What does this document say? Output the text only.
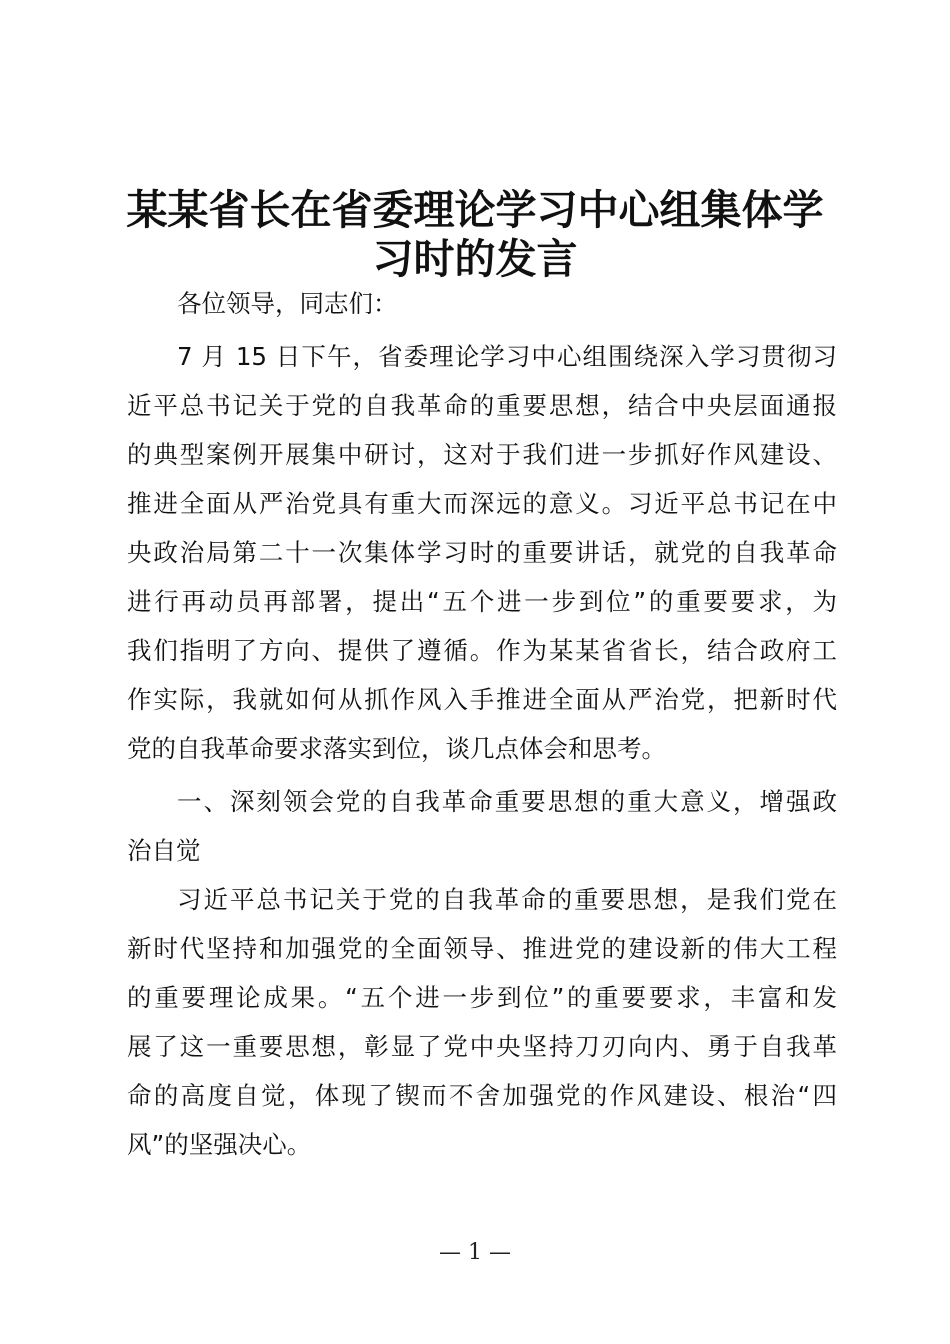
某某省长在省委理论学习中心组集体学
习时的发言
各位领导，同志们：
7 月 15 日下午，省委理论学习中心组围绕深入学习贯彻习
近平总书记关于党的自我革命的重要思想，结合中央层面通报
的典型案例开展集中研讨，这对于我们进一步抓好作风建设、
推进全面从严治党具有重大而深远的意义。习近平总书记在中
央政治局第二十一次集体学习时的重要讲话，就党的自我革命
进行再动员再部署，提出“五个进一步到位”的重要要求，为
我们指明了方向、提供了遵循。作为某某省省长，结合政府工
作实际，我就如何从抓作风入手推进全面从严治党，把新时代
党的自我革命要求落实到位，谈几点体会和思考。
一、深刻领会党的自我革命重要思想的重大意义，增强政
治自觉
习近平总书记关于党的自我革命的重要思想，是我们党在
新时代坚持和加强党的全面领导、推进党的建设新的伟大工程
的重要理论成果。“五个进一步到位”的重要要求，丰富和发
展了这一重要思想，彰显了党中央坚持刀刃向内、勇于自我革
命的高度自觉，体现了锲而不舍加强党的作风建设、根治“四
风”的坚强决心。
— 1 —
